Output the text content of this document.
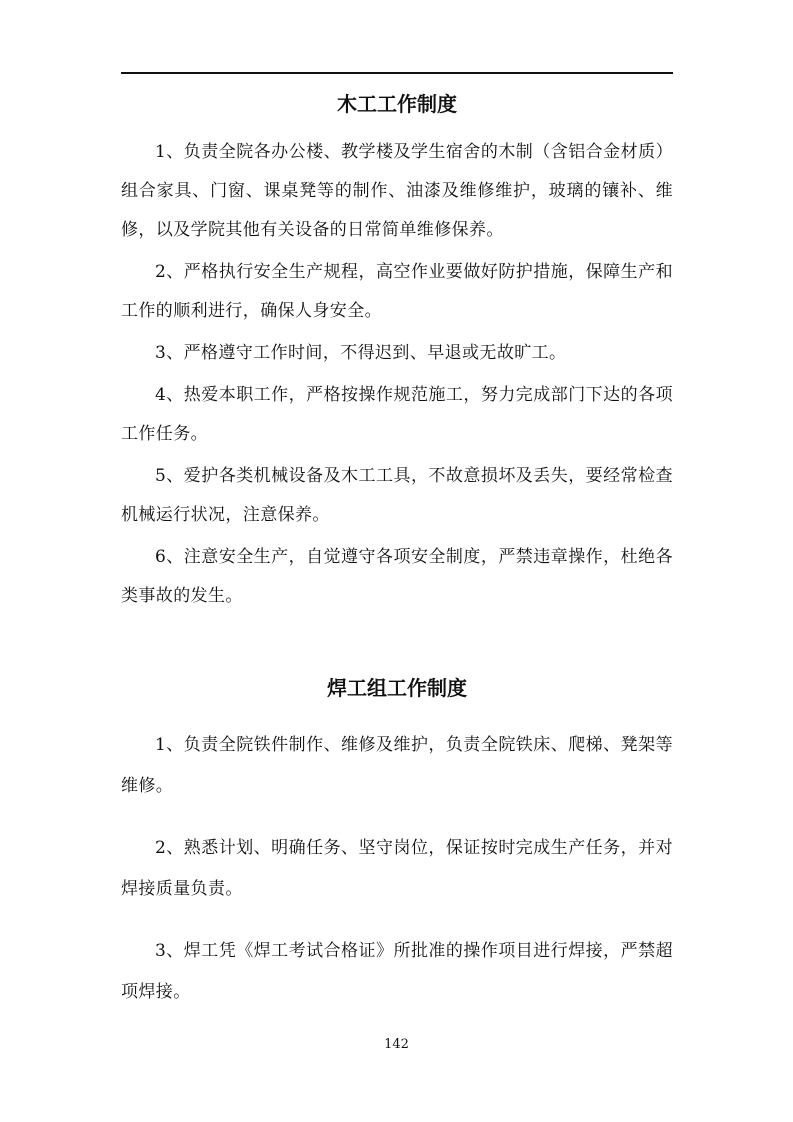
木工工作制度

1、负责全院各办公楼、教学楼及学生宿舍的木制（含铝合金材质）组合家具、门窗、课桌凳等的制作、油漆及维修维护，玻璃的镶补、维修，以及学院其他有关设备的日常简单维修保养。

2、严格执行安全生产规程，高空作业要做好防护措施，保障生产和工作的顺利进行，确保人身安全。

3、严格遵守工作时间，不得迟到、早退或无故旷工。

4、热爱本职工作，严格按操作规范施工，努力完成部门下达的各项工作任务。

5、爱护各类机械设备及木工工具，不故意损坏及丢失，要经常检查机械运行状况，注意保养。

6、注意安全生产，自觉遵守各项安全制度，严禁违章操作，杜绝各类事故的发生。

焊工组工作制度

1、负责全院铁件制作、维修及维护，负责全院铁床、爬梯、凳架等维修。

2、熟悉计划、明确任务、坚守岗位，保证按时完成生产任务，并对焊接质量负责。

3、焊工凭《焊工考试合格证》所批准的操作项目进行焊接，严禁超项焊接。

142
